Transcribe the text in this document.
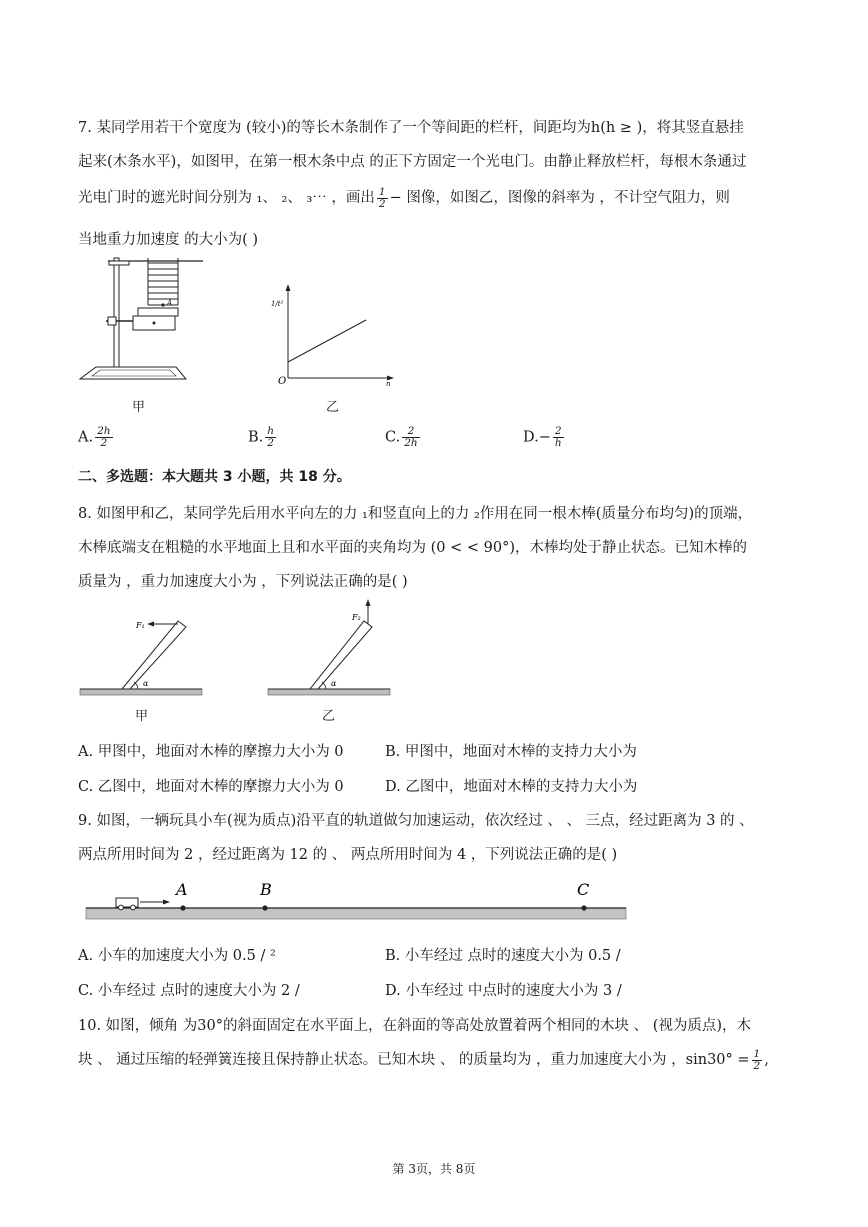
7. 某同学用若干个宽度为 (较小)的等长木条制作了一个等间距的栏杆，间距均为h(h ≥ )，将其竖直悬挂
起来(木条水平)，如图甲，在第一根木条中点 的正下方固定一个光电门。由静止释放栏杆，每根木条通过
光电门时的遮光时间分别为 ₁、 ₂、 ₃⋯ ，画出 $\frac{1}{2}$ − 图像，如图乙，图像的斜率为 ，不计空气阻力，则
当地重力加速度 的大小为( )
A
甲
1/t²
n
O
乙
A. $\frac{2h}{2}$	B. $\frac{h}{2}$	C. $\frac{2}{2h}$	$D.- \frac{2}{h}$
二、多选题：本大题共 3 小题，共 18 分。
8. 如图甲和乙，某同学先后用水平向左的力 ₁和竖直向上的力 ₂作用在同一根木棒(质量分布均匀)的顶端，
木棒底端支在粗糙的水平地面上且和水平面的夹角均为 (0 < < 90°)，木棒均处于静止状态。已知木棒的
质量为 ，重力加速度大小为 ，下列说法正确的是( )
F₁
α
甲
F₂
α
乙
A. 甲图中，地面对木棒的摩擦力大小为 0	B. 甲图中，地面对木棒的支持力大小为
C. 乙图中，地面对木棒的摩擦力大小为 0	D. 乙图中，地面对木棒的支持力大小为
9. 如图，一辆玩具小车(视为质点)沿平直的轨道做匀加速运动，依次经过 、 、 三点，经过距离为 3 的 、
两点所用时间为 2 ，经过距离为 12 的 、 两点所用时间为 4 ，下列说法正确的是( )
A	B	C
A. 小车的加速度大小为 0.5 / ²	B. 小车经过 点时的速度大小为 0.5 /
C. 小车经过 点时的速度大小为 2 /	D. 小车经过 中点时的速度大小为 3 /
10. 如图，倾角 为30°的斜面固定在水平面上，在斜面的等高处放置着两个相同的木块 、 (视为质点)，木
块 、 通过压缩的轻弹簧连接且保持静止状态。已知木块 、 的质量均为 ，重力加速度大小为 ，$\sin 30^\circ = \frac{1}{2}$ ,
第 3页，共 8页
